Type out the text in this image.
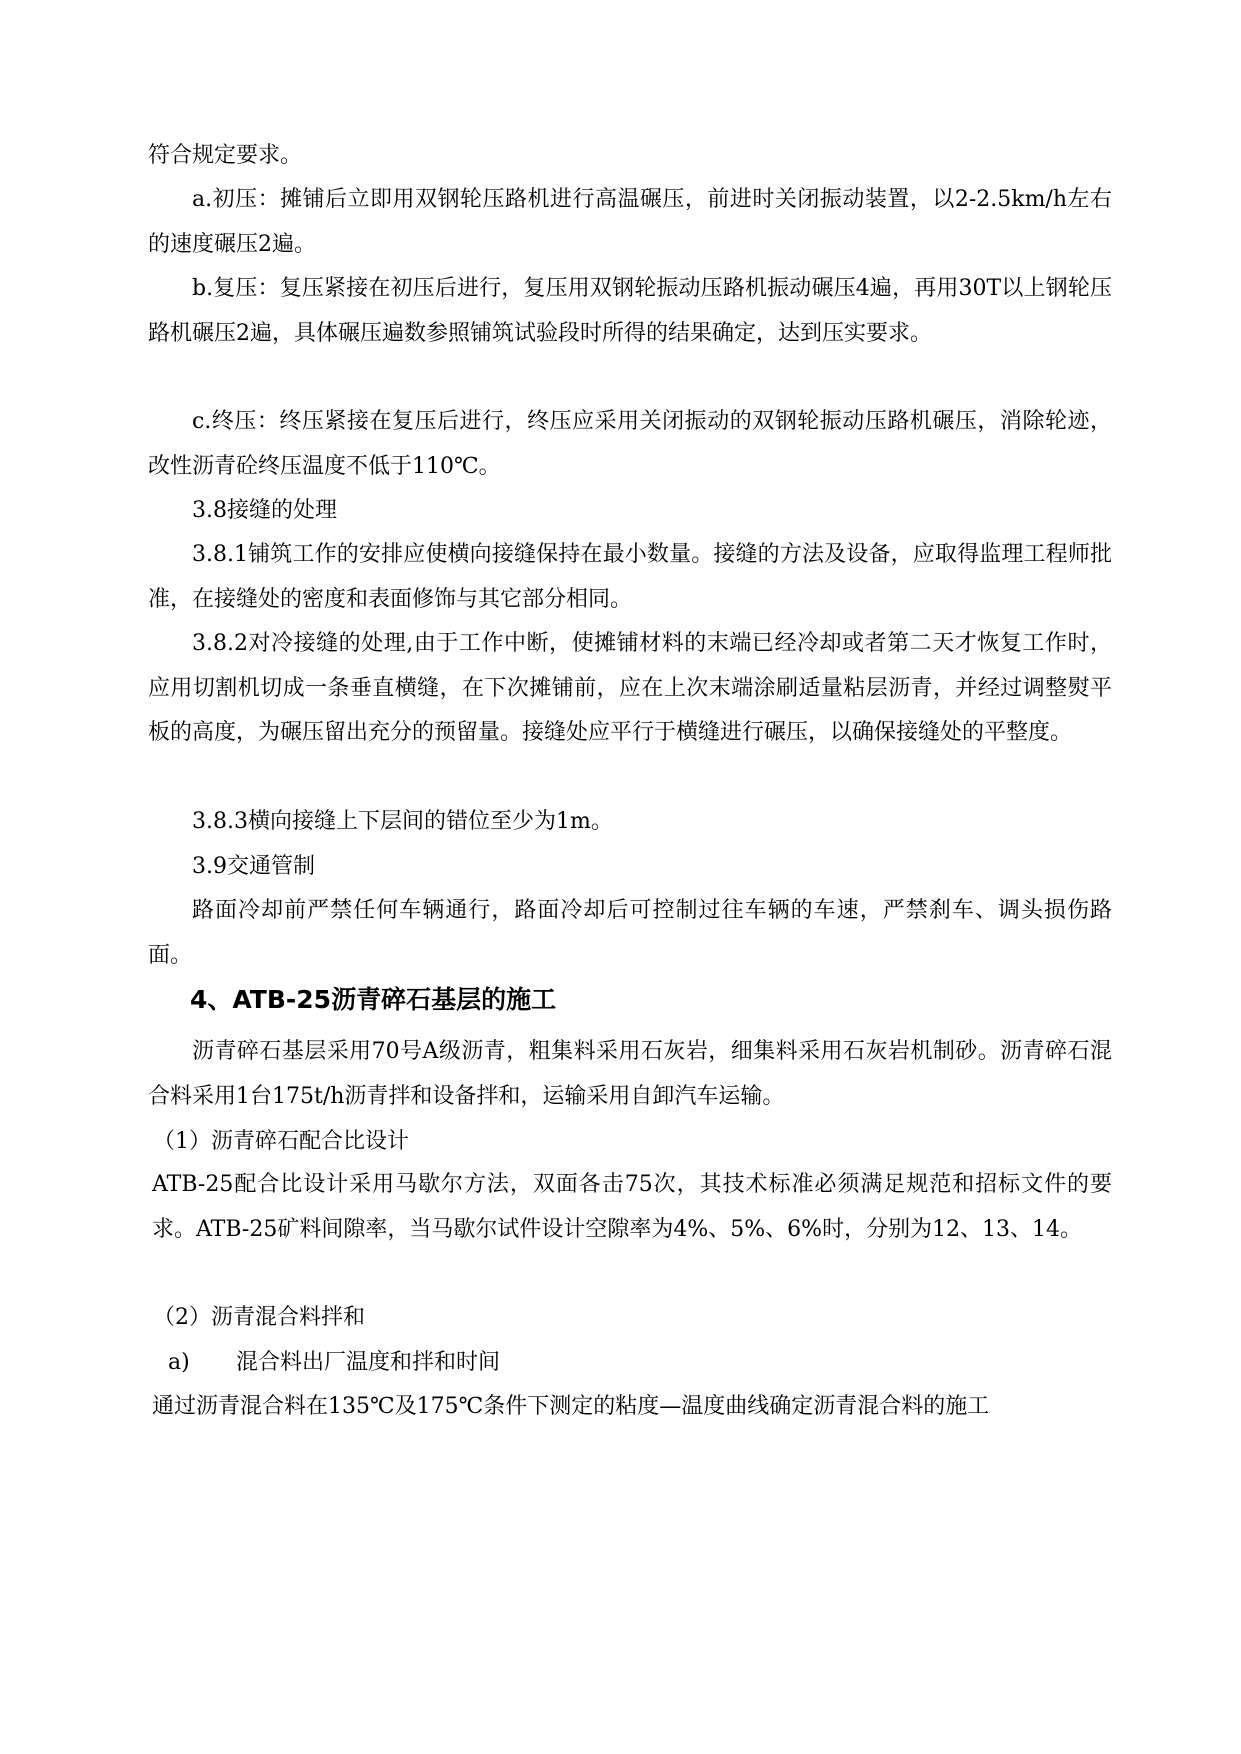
符合规定要求。
a.初压：摊铺后立即用双钢轮压路机进行高温碾压，前进时关闭振动装置，以2-2.5km/h左右的速度碾压2遍。
b.复压：复压紧接在初压后进行，复压用双钢轮振动压路机振动碾压4遍，再用30T以上钢轮压路机碾压2遍，具体碾压遍数参照铺筑试验段时所得的结果确定，达到压实要求。
c.终压：终压紧接在复压后进行，终压应采用关闭振动的双钢轮振动压路机碾压，消除轮迹，改性沥青砼终压温度不低于110℃。
3.8接缝的处理
3.8.1铺筑工作的安排应使横向接缝保持在最小数量。接缝的方法及设备，应取得监理工程师批准，在接缝处的密度和表面修饰与其它部分相同。
3.8.2对冷接缝的处理,由于工作中断，使摊铺材料的末端已经冷却或者第二天才恢复工作时，应用切割机切成一条垂直横缝，在下次摊铺前，应在上次末端涂刷适量粘层沥青，并经过调整熨平板的高度，为碾压留出充分的预留量。接缝处应平行于横缝进行碾压，以确保接缝处的平整度。
3.8.3横向接缝上下层间的错位至少为1m。
3.9交通管制
路面冷却前严禁任何车辆通行，路面冷却后可控制过往车辆的车速，严禁刹车、调头损伤路面。
4、ATB-25沥青碎石基层的施工
沥青碎石基层采用70号A级沥青，粗集料采用石灰岩，细集料采用石灰岩机制砂。沥青碎石混合料采用1台175t/h沥青拌和设备拌和，运输采用自卸汽车运输。
（1）沥青碎石配合比设计
ATB-25配合比设计采用马歇尔方法，双面各击75次，其技术标准必须满足规范和招标文件的要求。ATB-25矿料间隙率，当马歇尔试件设计空隙率为4%、5%、6%时，分别为12、13、14。
（2）沥青混合料拌和
a) 混合料出厂温度和拌和时间
通过沥青混合料在135℃及175℃条件下测定的粘度—温度曲线确定沥青混合料的施工
